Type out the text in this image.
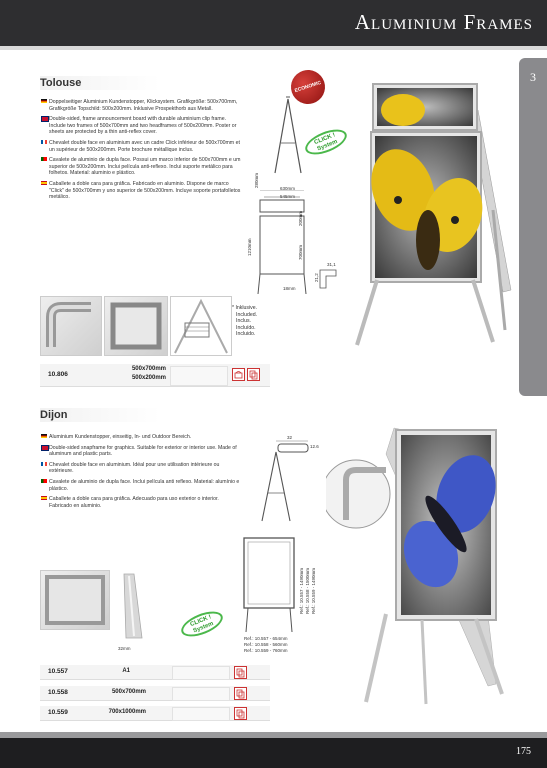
Aluminium Frames
3
Tolouse

Doppelseitiger Aluminium Kundenstopper, Klicksystem. Grafikgröße: 500x700mm, Grafikgröße Topschild: 500x200mm. Inklusive Prospekthorb aus Metall.

Double-sided, frame announcement board with durable aluminium clip frame. Include two frames of 500x700mm and two headframes of 500x200mm. Poster or sheets are protected by a thin anti-reflex cover.

Chevalet double face en aluminium avec un cadre Click inférieur de 500x700mm et un supérieur de 500x200mm. Porte brochure métallique inclus.

Cavalete de aluminio de dupla face. Possui um marco inferior de 500x700mm e um superior de 500x200mm. Inclui película anti-reflexo. Inclui suporte metálico para folhetos. Material: aluminio e plástico.

Caballete a doble cara para gráfica. Fabricado en aluminio. Dispone de marco "Click" de 500x700mm y uno superior de 500x200mm. Incluye soporte portafolletos metálico.

ECONOMIC
CLICK ! System
630mm
545mm
280mm
200mm
1210mm	700mm
18mm
31,1
21,2
* Inklusive.
Included.
Inclus.
Incluído.
Incluido.
10.806
500x700mm
500x200mm
Dijon

Aluminium Kundenstopper, einseitig, In- und Outdoor Bereich.

Double-sided snapframe for graphics. Suitable for exterior or interior use. Made of aluminum and plastic parts.

Chevalet double face en aluminium. Idéal pour une utilisation intérieure ou extérieure.

Cavalete de aluminio de dupla face. Inclui película anti reflexo. Material: alumínio e plástico.

Caballete a doble cara para gráfica. Adecuado para uso exterior o interior. Fabricado en aluminio.

32
12.6
Ref.: 10.557 - 1490mm Ref.: 10.558 - 1500mm Ref.: 10.559 - 1490mm
Ref.: 10.557 - 654mm
Ref.: 10.558 - 560mm
Ref.: 10.559 - 760mm
CLICK ! System
32mm
10.557	A1
10.558	500x700mm
10.559	700x1000mm
175
